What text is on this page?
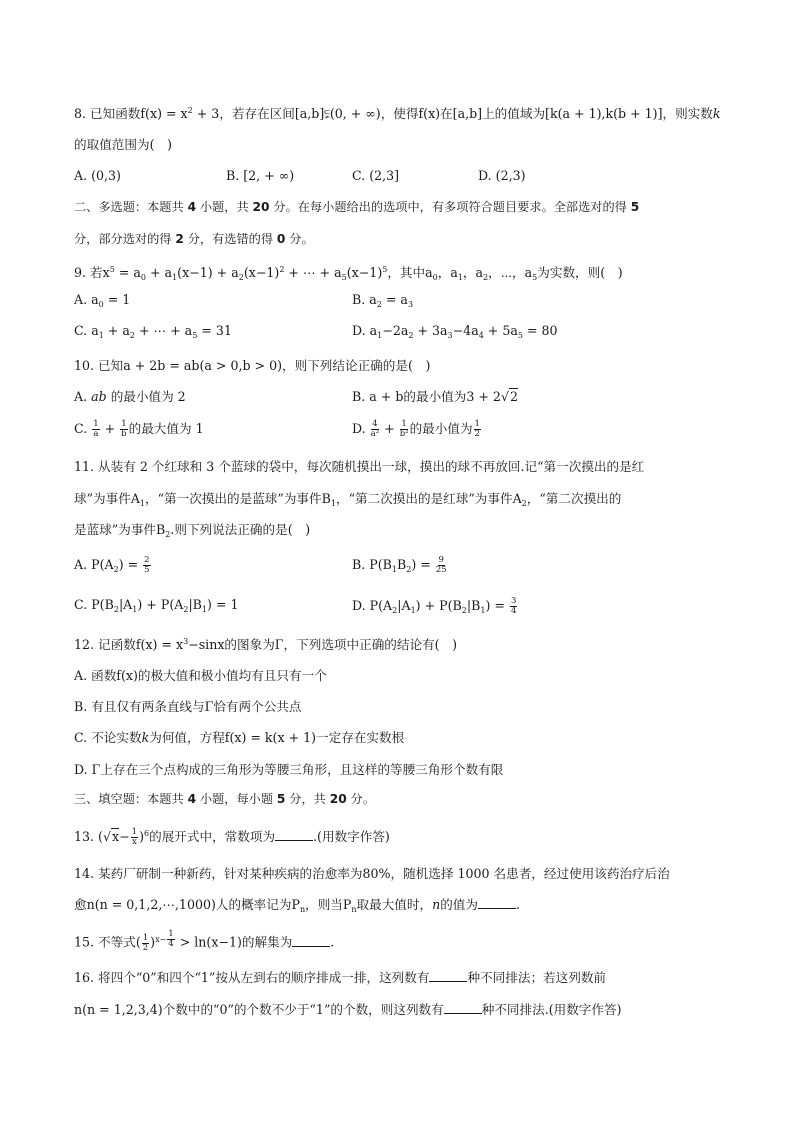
8. 已知函数$f(x) = x^2 + 3$，若存在区间[a,b]⫋(0, + ∞)，使得f(x)在[a,b]上的值域为[k(a + 1),k(b + 1)]，则实数k
的取值范围为(　)
A. (0,3)	B. [2, + ∞)	C. (2,3]	D. (2,3)
二、多选题：本题共 4 小题，共 20 分。在每小题给出的选项中，有多项符合题目要求。全部选对的得 5
分，部分选对的得 2 分，有选错的得 0 分。
9. 若$x^5 = a_0 + a_1(x-1) + a_2(x-1)^2$ + ⋯ + $a_5(x-1)^5$，其中$a_0$，$a_1$，$a_2$，⋯，$a_5$为实数，则(　)
A. $a_0 = 1$	B. $a_2 = a_3$
C. $a_1 + a_2$ + ⋯ + $a_5 = 31$	D. $a_1-2a_2 + 3a_3-4a_4 + 5a_5 = 80$
10. 已知a + 2b = ab(a > 0,b > 0)，则下列结论正确的是(　)
A. ab 的最小值为 2	B. a + b的最小值为3 + 2√2
C. $\frac{1}{a} + \frac{1}{b}$ 的最大值为 1	D. $\frac{4}{\text{a²}} + \frac{1}{\text{b²}}$ 的最小值为 $\frac{1}{2}$
11. 从装有 2 个红球和 3 个蓝球的袋中，每次随机摸出一球，摸出的球不再放回.记“第一次摸出的是红
球”为事件$A_1$，“第一次摸出的是蓝球”为事件$B_1$，“第二次摸出的是红球”为事件$A_2$，“第二次摸出的
是蓝球”为事件$B_2$.则下列说法正确的是(　)
A. $P(A_2) = \frac{2}{5}$	B. $P(B_1B_2) = \frac{9}{25}$
C. $P(B_2|A_1) + P(A_2|B_1) = 1$	D. $P(A_2|A_1) + P(B_2|B_1) = \frac{3}{4}$
12. 记函数$f(x) = x^3-\sin x$的图象为Γ，下列选项中正确的结论有(　)
A. 函数f(x)的极大值和极小值均有且只有一个
B. 有且仅有两条直线与Γ恰有两个公共点
C. 不论实数k为何值，方程f(x) = k(x + 1)一定存在实数根
D. Γ上存在三个点构成的三角形为等腰三角形，且这样的等腰三角形个数有限
三、填空题：本题共 4 小题，每小题 5 分，共 20 分。
13. $(√x- \frac{1}{x} )^6$的展开式中，常数项为	.(用数字作答)
14. 某药厂研制一种新药，针对某种疾病的治愈率为80%，随机选择 1000 名患者，经过使用该药治疗后治
愈n(n = 0,1,2,⋯,1000)人的概率记为$P_n$，则当$P_n$取最大值时，n的值为	.
15. 不等式( $\frac{1}{2} )^{x- \frac{1}{4}} > \ln(x-1)$的解集为	.
16. 将四个“0”和四个“1”按从左到右的顺序排成一排，这列数有	种不同排法；若这列数前
n(n = 1,2,3,4)个数中的“0”的个数不少于“1”的个数，则这列数有	种不同排法.(用数字作答)
